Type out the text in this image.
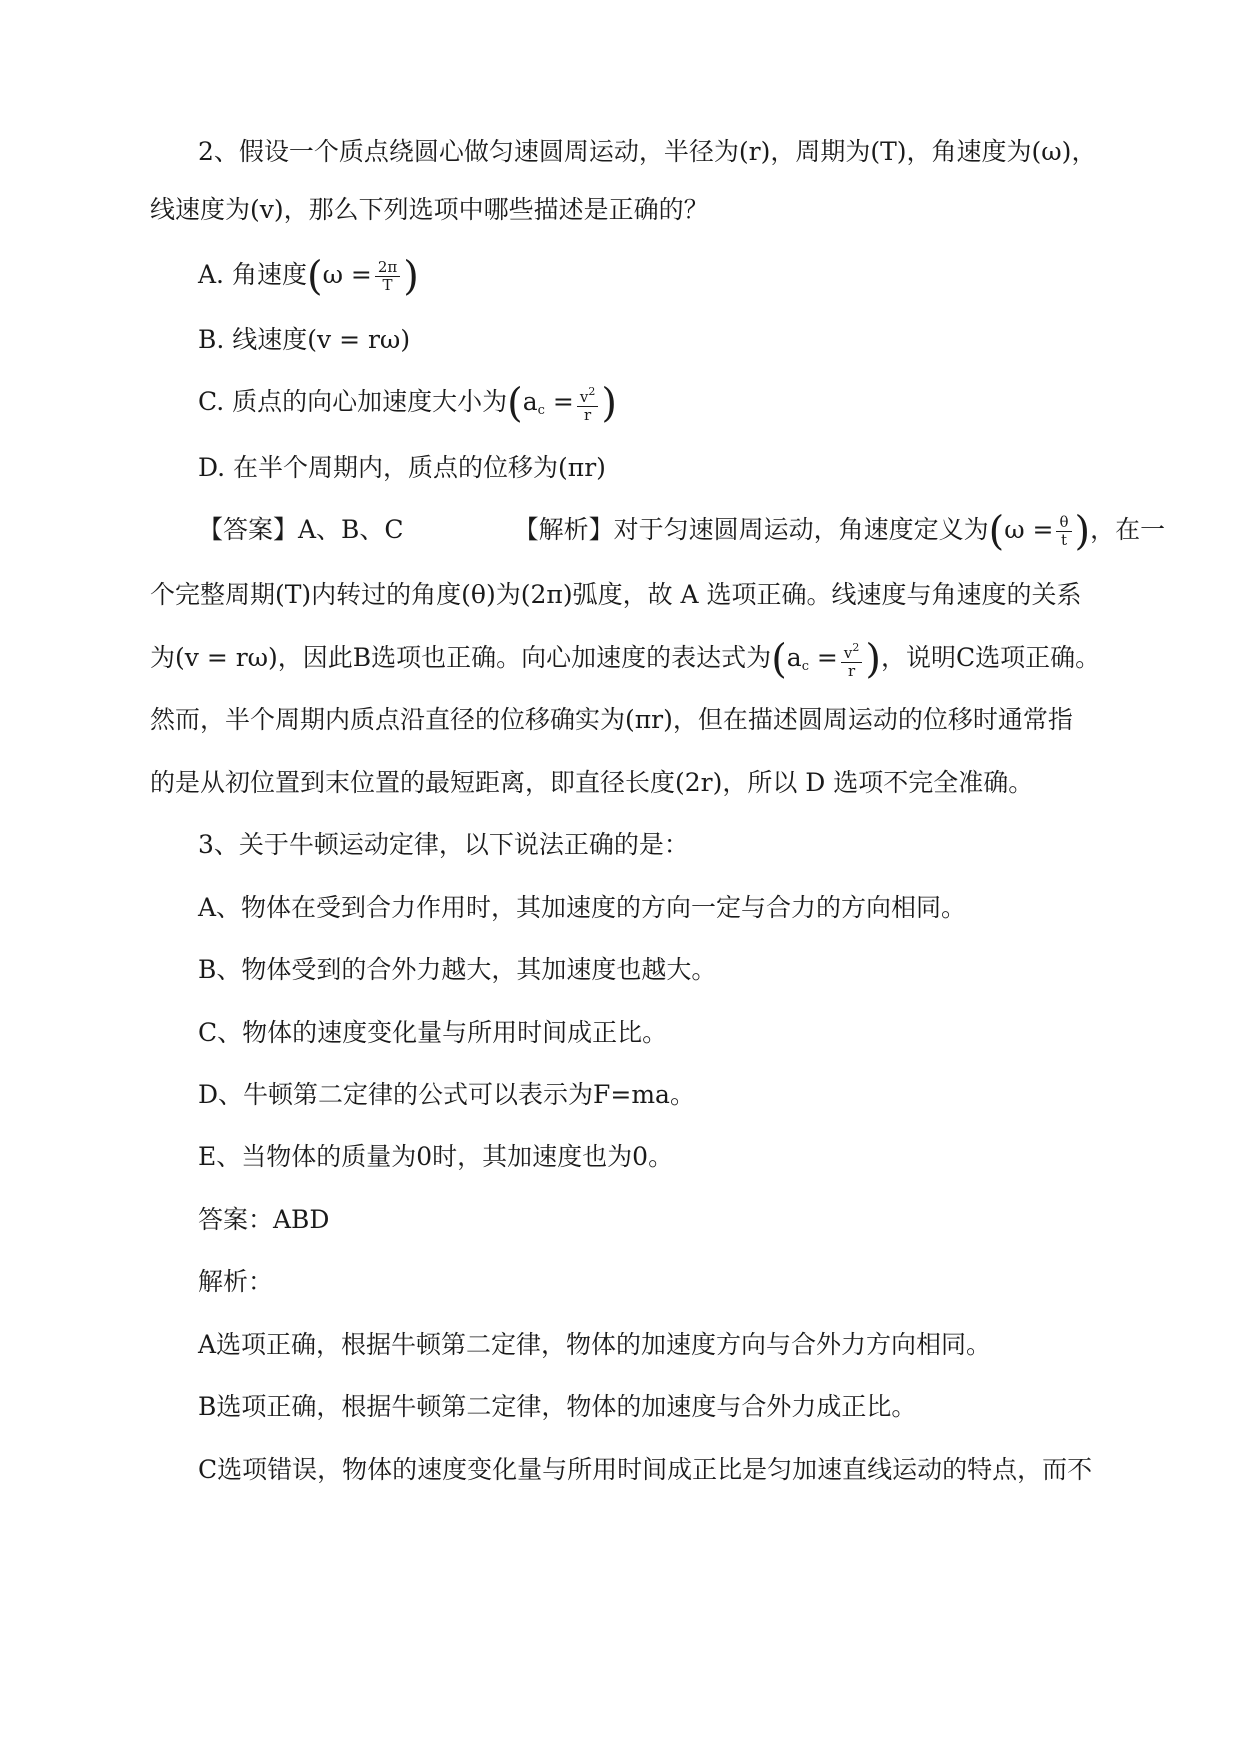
2、假设一个质点绕圆心做匀速圆周运动，半径为(r)，周期为(T)，角速度为(ω)，
线速度为(v)，那么下列选项中哪些描述是正确的？
A. 角速度($\omega = \frac{2\pi}{T}$ )
B. 线速度(v = rω)
C. 质点的向心加速度大小为($a_c = \frac{v^2}{r}$ )
D. 在半个周期内，质点的位移为(πr)
【答案】A、B、C	【解析】对于匀速圆周运动，角速度定义为($\omega = \frac{\theta}{t}$ )，在一
个完整周期(T)内转过的角度(θ)为(2π)弧度，故 A 选项正确。线速度与角速度的关系
为(v = rω)，因此B选项也正确。向心加速度的表达式为($a_c = \frac{v^2}{r}$ )，说明C选项正确。
然而，半个周期内质点沿直径的位移确实为(πr)，但在描述圆周运动的位移时通常指
的是从初位置到末位置的最短距离，即直径长度(2r)，所以 D 选项不完全准确。
3、关于牛顿运动定律，以下说法正确的是：
A、物体在受到合力作用时，其加速度的方向一定与合力的方向相同。
B、物体受到的合外力越大，其加速度也越大。
C、物体的速度变化量与所用时间成正比。
D、牛顿第二定律的公式可以表示为F=ma。
E、当物体的质量为0时，其加速度也为0。
答案：ABD
解析：
A选项正确，根据牛顿第二定律，物体的加速度方向与合外力方向相同。
B选项正确，根据牛顿第二定律，物体的加速度与合外力成正比。
C选项错误，物体的速度变化量与所用时间成正比是匀加速直线运动的特点，而不
